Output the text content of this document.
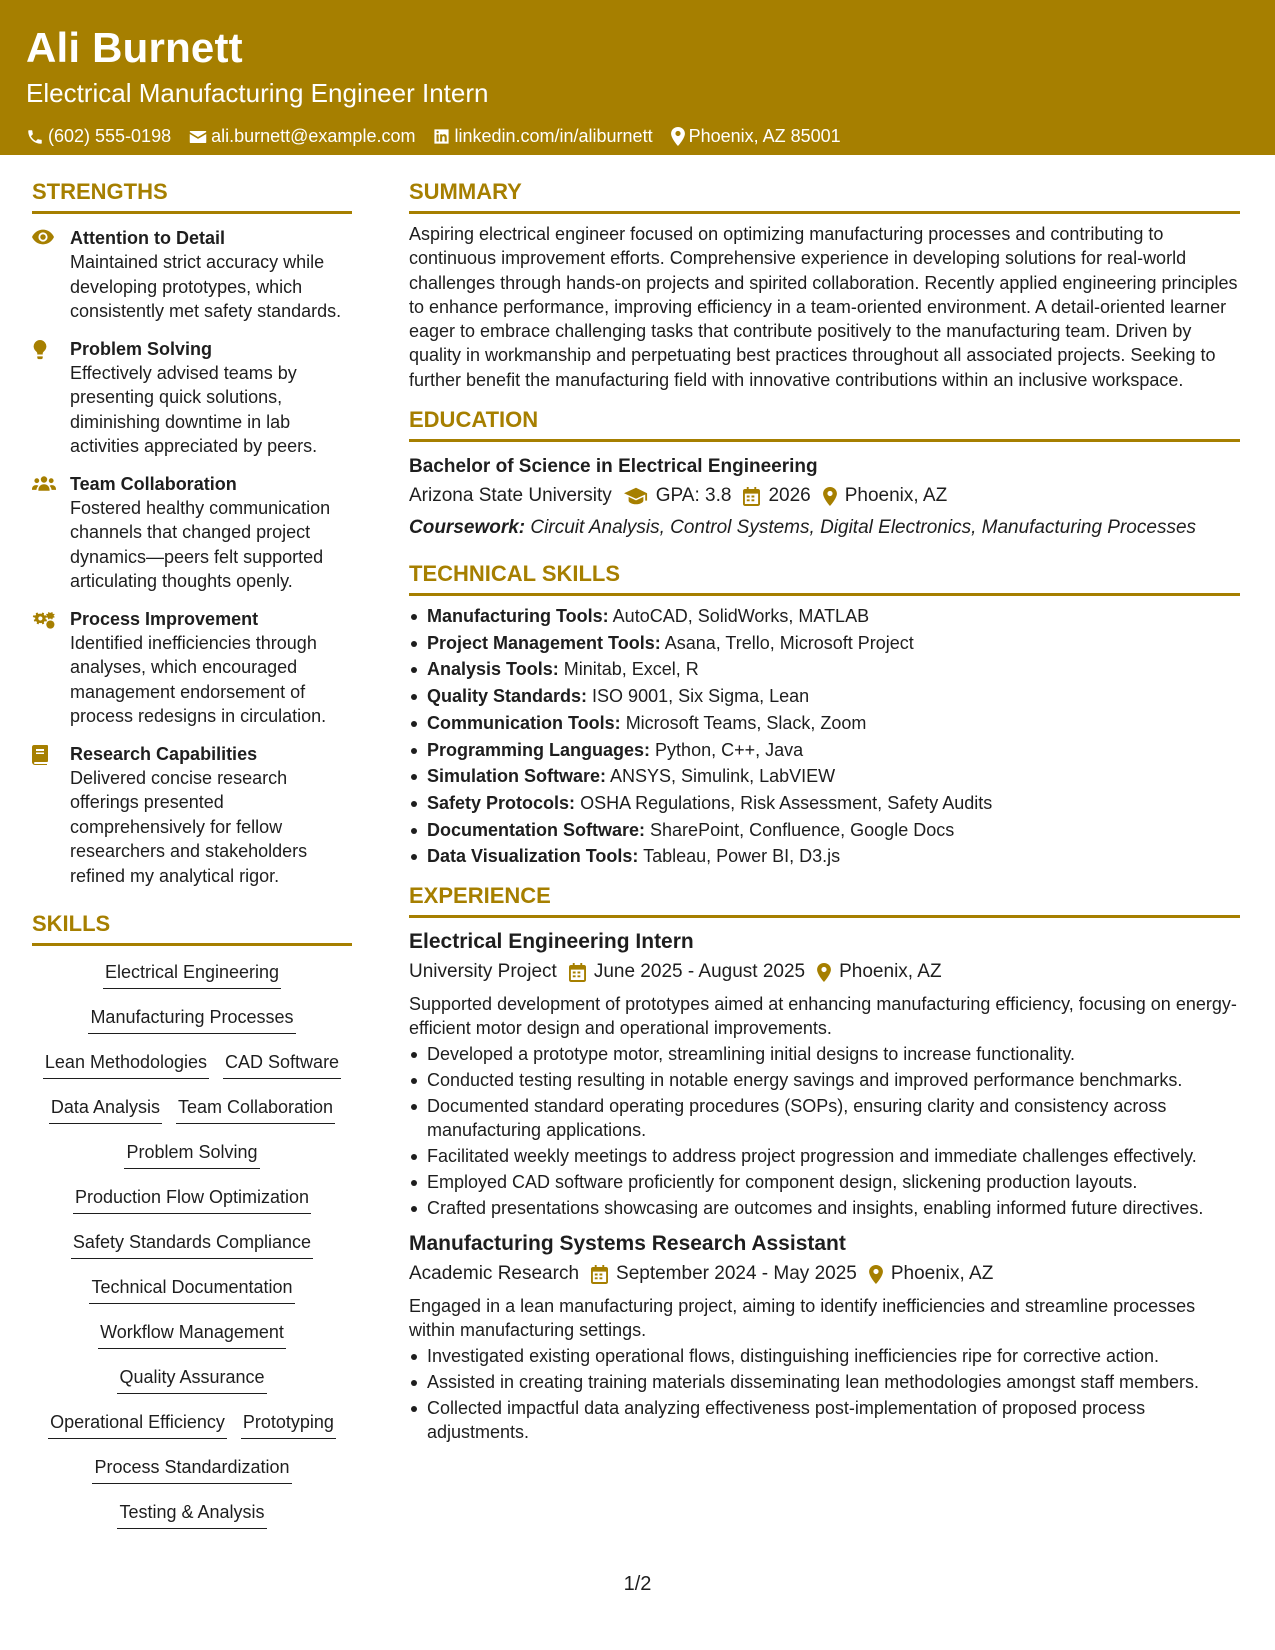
Ali Burnett
Electrical Manufacturing Engineer Intern
(602) 555-0198 ali.burnett@example.com linkedin.com/in/aliburnett Phoenix, AZ 85001
STRENGTHS
Attention to Detail
Maintained strict accuracy while developing prototypes, which consistently met safety standards.
Problem Solving
Effectively advised teams by presenting quick solutions, diminishing downtime in lab activities appreciated by peers.
Team Collaboration
Fostered healthy communication channels that changed project dynamics—peers felt supported articulating thoughts openly.
Process Improvement
Identified inefficiencies through analyses, which encouraged management endorsement of process redesigns in circulation.
Research Capabilities
Delivered concise research offerings presented comprehensively for fellow researchers and stakeholders refined my analytical rigor.
SKILLS
Electrical Engineering
Manufacturing Processes
Lean Methodologies CAD Software
Data Analysis Team Collaboration
Problem Solving
Production Flow Optimization
Safety Standards Compliance
Technical Documentation
Workflow Management
Quality Assurance
Operational Efficiency Prototyping
Process Standardization
Testing & Analysis
SUMMARY

Aspiring electrical engineer focused on optimizing manufacturing processes and contributing to continuous improvement efforts. Comprehensive experience in developing solutions for real-world challenges through hands-on projects and spirited collaboration. Recently applied engineering principles to enhance performance, improving efficiency in a team-oriented environment. A detail-oriented learner eager to embrace challenging tasks that contribute positively to the manufacturing team. Driven by quality in workmanship and perpetuating best practices throughout all associated projects. Seeking to further benefit the manufacturing field with innovative contributions within an inclusive workspace.

EDUCATION
Bachelor of Science in Electrical Engineering
Arizona State University GPA: 3.8 2026 Phoenix, AZ
Coursework: Circuit Analysis, Control Systems, Digital Electronics, Manufacturing Processes
TECHNICAL SKILLS
Manufacturing Tools: AutoCAD, SolidWorks, MATLAB
Project Management Tools: Asana, Trello, Microsoft Project
Analysis Tools: Minitab, Excel, R
Quality Standards: ISO 9001, Six Sigma, Lean
Communication Tools: Microsoft Teams, Slack, Zoom
Programming Languages: Python, C++, Java
Simulation Software: ANSYS, Simulink, LabVIEW
Safety Protocols: OSHA Regulations, Risk Assessment, Safety Audits
Documentation Software: SharePoint, Confluence, Google Docs
Data Visualization Tools: Tableau, Power BI, D3.js
EXPERIENCE
Electrical Engineering Intern
University Project June 2025 - August 2025 Phoenix, AZ
Supported development of prototypes aimed at enhancing manufacturing efficiency, focusing on energy-efficient motor design and operational improvements.
Developed a prototype motor, streamlining initial designs to increase functionality.
Conducted testing resulting in notable energy savings and improved performance benchmarks.
Documented standard operating procedures (SOPs), ensuring clarity and consistency across manufacturing applications.
Facilitated weekly meetings to address project progression and immediate challenges effectively.
Employed CAD software proficiently for component design, slickening production layouts.
Crafted presentations showcasing are outcomes and insights, enabling informed future directives.
Manufacturing Systems Research Assistant
Academic Research September 2024 - May 2025 Phoenix, AZ
Engaged in a lean manufacturing project, aiming to identify inefficiencies and streamline processes within manufacturing settings.
Investigated existing operational flows, distinguishing inefficiencies ripe for corrective action.
Assisted in creating training materials disseminating lean methodologies amongst staff members.
Collected impactful data analyzing effectiveness post-implementation of proposed process adjustments.
1/2
